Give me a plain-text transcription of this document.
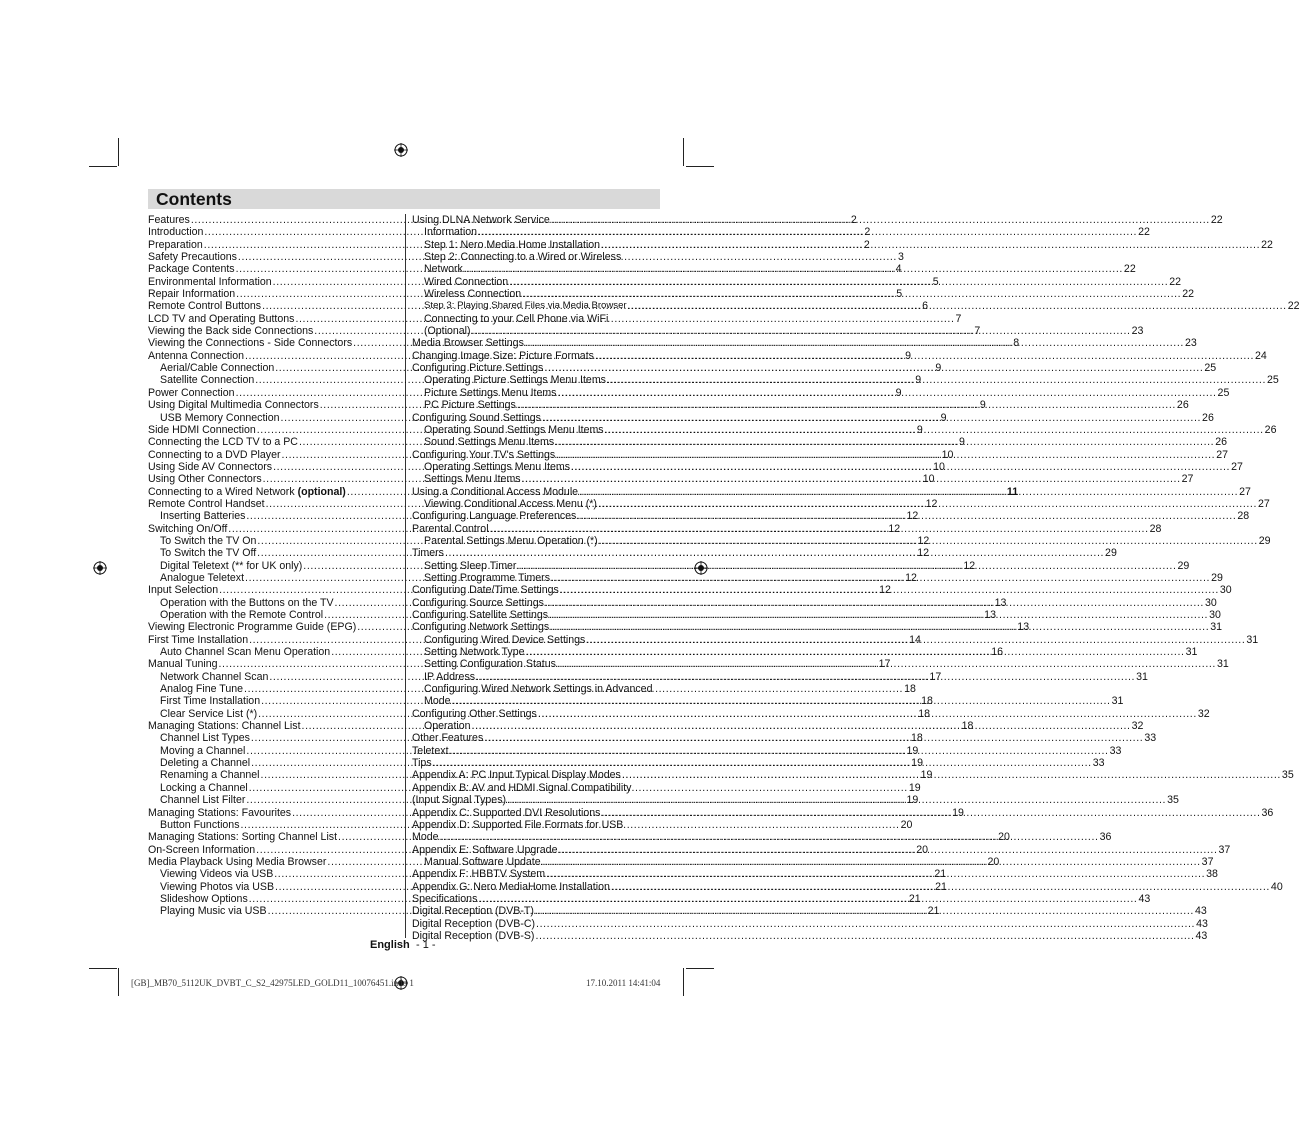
Contents
Features .....	2
Introduction .....	2
Preparation .....	2
Safety Precautions .....	3
Package Contents .....	4
Environmental Information .....	5
Repair Information .....	5
Remote Control Buttons .....	6
LCD TV and Operating Buttons .....	7
Viewing the Back side Connections .....	7
Viewing the Connections - Side Connectors .....	8
Antenna Connection .....	9
Aerial/Cable Connection .....	9
Satellite Connection .....	9
Power Connection .....	9
Using Digital Multimedia Connectors .....	9
USB Memory Connection .....	9
Side HDMI Connection .....	9
Connecting the LCD TV to a PC .....	9
Connecting to a DVD Player .....	10
Using Side AV Connectors .....	10
Using Other Connectors .....	10
Connecting to a Wired Network (optional) .....	11
Remote Control Handset .....	12
Inserting Batteries .....	12
Switching On/Off .....	12
To Switch the TV On .....	12
To Switch the TV Off .....	12
Digital Teletext (** for UK only) .....	12
Analogue Teletext .....	12
Input Selection .....	12
Operation with the Buttons on the TV .....	13
Operation with the Remote Control .....	13
Viewing Electronic Programme Guide (EPG) .....	13
First Time Installation .....	14
Auto Channel Scan Menu Operation .....	16
Manual Tuning .....	17
Network Channel Scan .....	17
Analog Fine Tune .....	18
First Time Installation .....	18
Clear Service List (*) .....	18
Managing Stations: Channel List .....	18
Channel List Types .....	18
Moving a Channel .....	19
Deleting a Channel .....	19
Renaming a Channel .....	19
Locking a Channel .....	19
Channel List Filter .....	19
Managing Stations: Favourites .....	19
Button Functions .....	20
Managing Stations: Sorting Channel List .....	20
On-Screen Information .....	20
Media Playback Using Media Browser .....	20
Viewing Videos via USB .....	21
Viewing Photos via USB .....	21
Slideshow Options .....	21
Playing Music via USB .....	21
Using DLNA Network Service .....	22
Information .....	22
Step 1: Nero Media Home Installation .....	22
Step 2: Connecting to a Wired or Wireless
Network .....	22
Wired Connection .....	22
Wireless Connection .....	22
Step 3: Playing Shared Files via Media Browser .....	22
Connecting to your Cell Phone via WiFi
(Optional) .....	23
Media Browser Settings .....	23
Changing Image Size: Picture Formats .....	24
Configuring Picture Settings .....	25
Operating Picture Settings Menu Items .....	25
Picture Settings Menu Items .....	25
PC Picture Settings .....	26
Configuring Sound Settings .....	26
Operating Sound Settings Menu Items .....	26
Sound Settings Menu Items .....	26
Configuring Your TV's Settings .....	27
Operating Settings Menu Items .....	27
Settings Menu Items .....	27
Using a Conditional Access Module .....	27
Viewing Conditional Access Menu (*) .....	27
Configuring Language Preferences .....	28
Parental Control .....	28
Parental Settings Menu Operation (*) .....	29
Timers .....	29
Setting Sleep Timer .....	29
Setting Programme Timers .....	29
Configuring Date/Time Settings .....	30
Configuring Source Settings .....	30
Configuring Satellite Settings .....	30
Configuring Network Settings .....	31
Configuring Wired Device Settings .....	31
Setting Network Type .....	31
Setting Configuration Status .....	31
IP Address .....	31
Configuring Wired Network Settings in Advanced
Mode .....	31
Configuring Other Settings .....	32
Operation .....	32
Other Features .....	33
Teletext .....	33
Tips .....	33
Appendix A: PC Input Typical Display Modes .....	35
Appendix B: AV and HDMI Signal Compatibility
(Input Signal Types) .....	35
Appendix C: Supported DVI Resolutions .....	36
Appendix D: Supported File Formats for USB
Mode .....	36
Appendix E: Software Upgrade .....	37
Manual Software Update .....	37
Appendix F: HBBTV System .....	38
Appendix G: Nero MediaHome Installation .....	40
Specifications .....	43
Digital Reception (DVB-T) .....	43
Digital Reception (DVB-C) .....	43
Digital Reception (DVB-S) .....	43
English - 1 -
[GB]_MB70_5112UK_DVBT_C_S2_42975LED_GOLD11_10076451.indd 1	17.10.2011 14:41:04
